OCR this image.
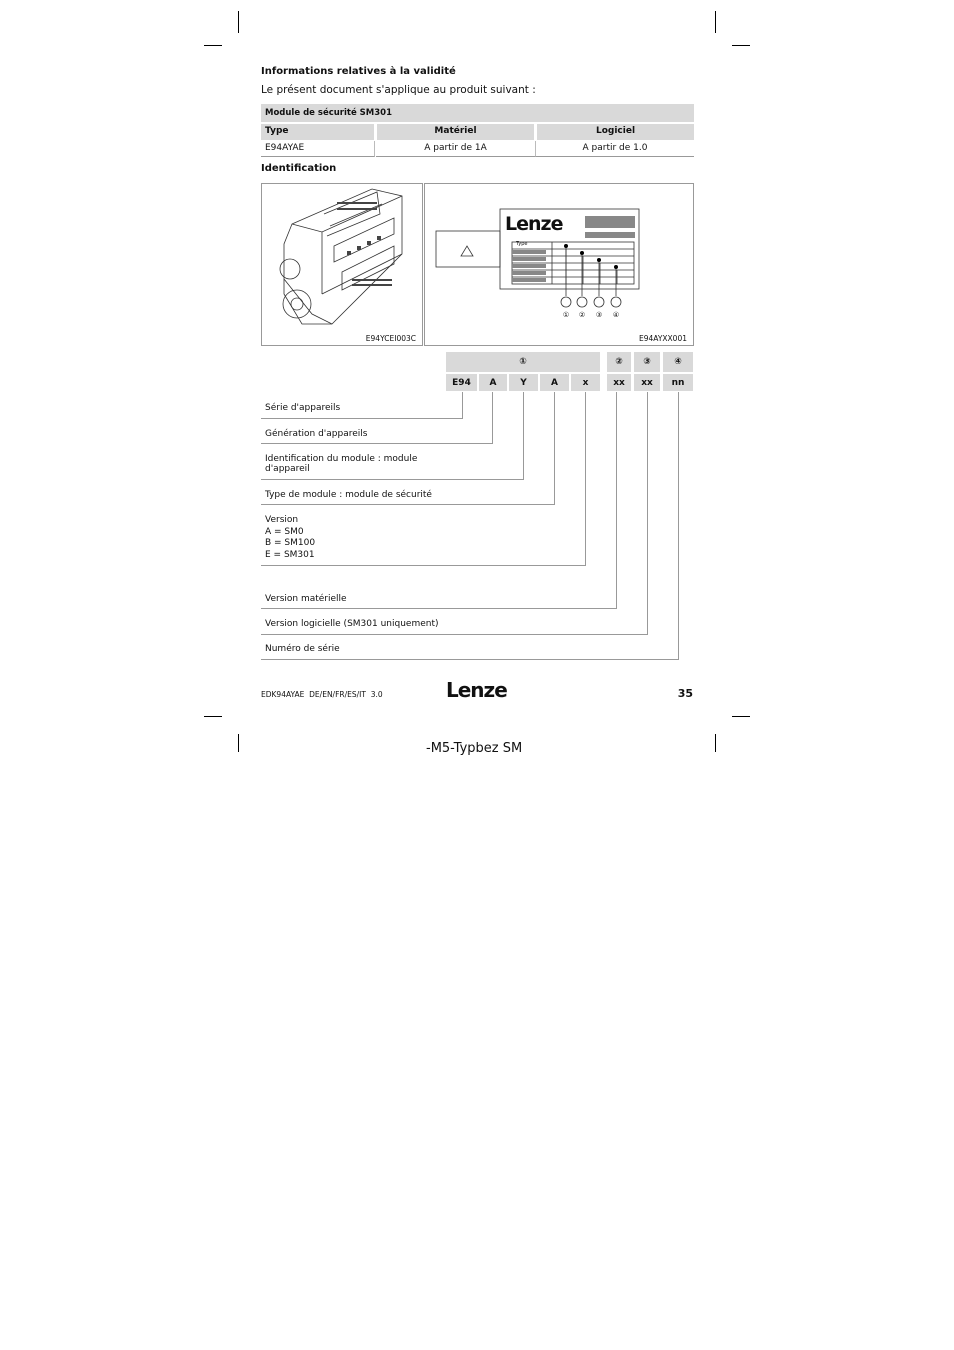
Informations relatives à la validité
Le présent document s'applique au produit suivant :
Module de sécurité SM301
Type	Matériel	Logiciel
E94AYAE	A partir de 1A	A partir de 1.0
Identification
E94YCEI003C
Lenze
Type
① ② ③ ④
E94AYXX001
①	②	③	④
E94	A	Y	A	x	xx	xx	nn
Série d'appareils
Génération d'appareils
Identification du module : module
d'appareil
Type de module : module de sécurité
Version
A = SM0
B = SM100
E = SM301
Version matérielle
Version logicielle (SM301 uniquement)
Numéro de série
EDK94AYAE  DE/EN/FR/ES/IT  3.0	Lenze	35
-M5-Typbez SM
